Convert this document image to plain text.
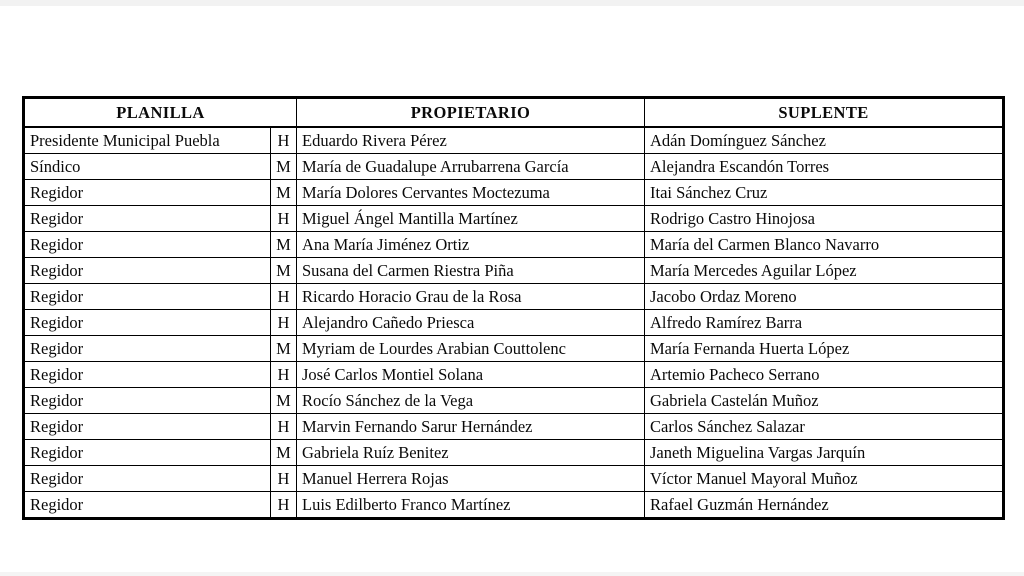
PLANILLA		PROPIETARIO	SUPLENTE
Presidente Municipal Puebla	H	Eduardo Rivera Pérez	Adán Domínguez Sánchez
Síndico	M	María de Guadalupe Arrubarrena García	Alejandra Escandón Torres
Regidor	M	María Dolores Cervantes Moctezuma	Itai Sánchez Cruz
Regidor	H	Miguel Ángel Mantilla Martínez	Rodrigo Castro Hinojosa
Regidor	M	Ana María Jiménez Ortiz	María del Carmen Blanco Navarro
Regidor	M	Susana del Carmen Riestra Piña	María Mercedes Aguilar López
Regidor	H	Ricardo Horacio Grau de la Rosa	Jacobo Ordaz Moreno
Regidor	H	Alejandro Cañedo Priesca	Alfredo Ramírez Barra
Regidor	M	Myriam de Lourdes Arabian Couttolenc	María Fernanda Huerta López
Regidor	H	José Carlos Montiel Solana	Artemio Pacheco Serrano
Regidor	M	Rocío Sánchez de la Vega	Gabriela Castelán Muñoz
Regidor	H	Marvin Fernando Sarur Hernández	Carlos Sánchez Salazar
Regidor	M	Gabriela Ruíz Benitez	Janeth Miguelina Vargas Jarquín
Regidor	H	Manuel Herrera Rojas	Víctor Manuel Mayoral Muñoz
Regidor	H	Luis Edilberto Franco Martínez	Rafael Guzmán Hernández
